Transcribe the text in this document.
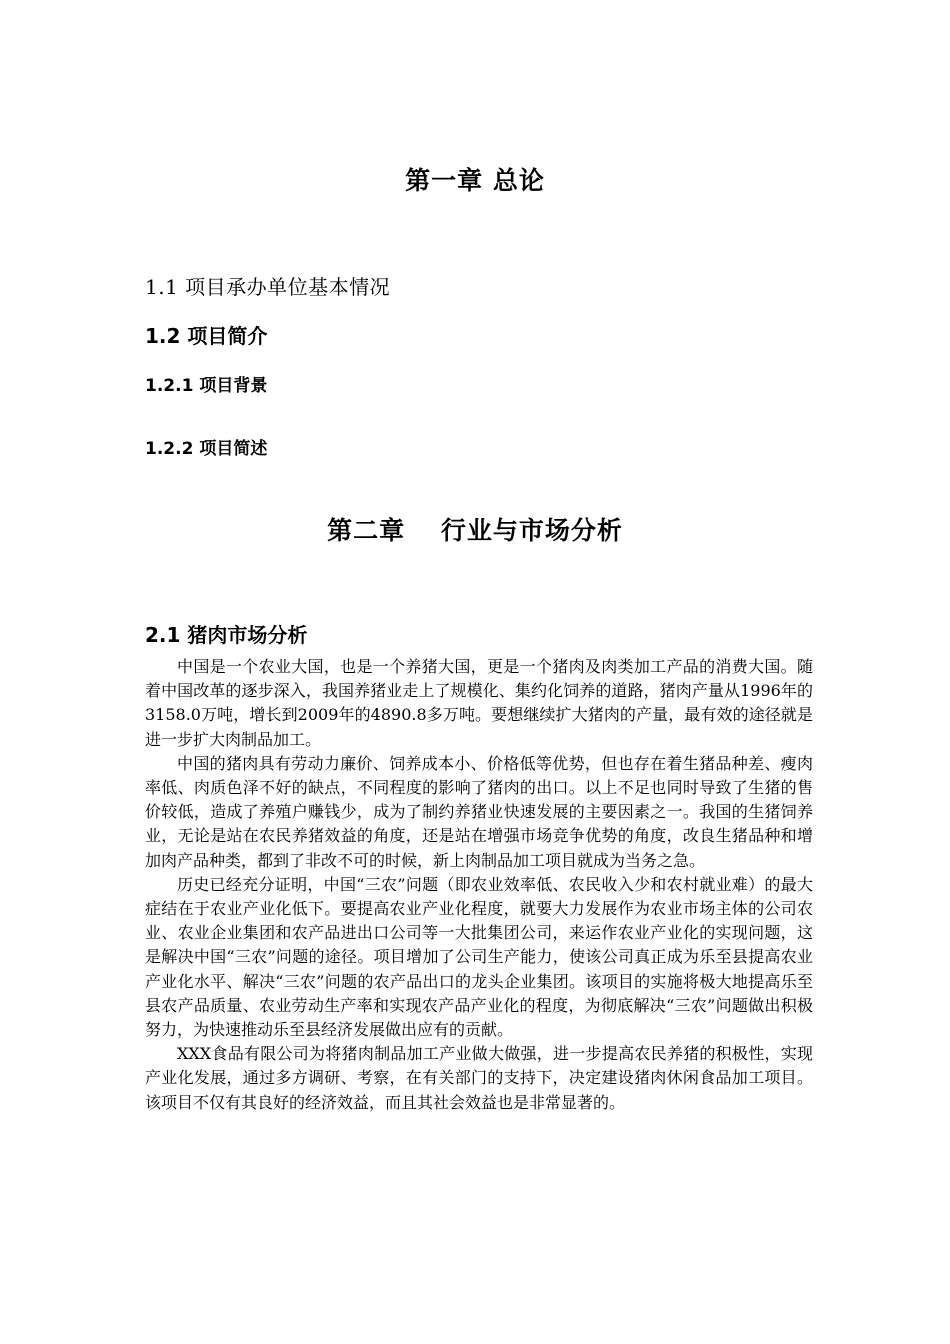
第一章 总论
1.1 项目承办单位基本情况
1.2 项目简介
1.2.1 项目背景
1.2.2 项目简述
第二章　 行业与市场分析
2.1 猪肉市场分析

中国是一个农业大国，也是一个养猪大国，更是一个猪肉及肉类加工产品的消费大国。随着中国改革的逐步深入，我国养猪业走上了规模化、集约化饲养的道路，猪肉产量从1996年的3158.0万吨，增长到2009年的4890.8多万吨。要想继续扩大猪肉的产量，最有效的途径就是进一步扩大肉制品加工。

中国的猪肉具有劳动力廉价、饲养成本小、价格低等优势，但也存在着生猪品种差、瘦肉率低、肉质色泽不好的缺点，不同程度的影响了猪肉的出口。以上不足也同时导致了生猪的售价较低，造成了养殖户赚钱少，成为了制约养猪业快速发展的主要因素之一。我国的生猪饲养业，无论是站在农民养猪效益的角度，还是站在增强市场竞争优势的角度，改良生猪品种和增加肉产品种类，都到了非改不可的时候，新上肉制品加工项目就成为当务之急。

历史已经充分证明，中国“三农”问题（即农业效率低、农民收入少和农村就业难）的最大症结在于农业产业化低下。要提高农业产业化程度，就要大力发展作为农业市场主体的公司农业、农业企业集团和农产品进出口公司等一大批集团公司，来运作农业产业化的实现问题，这是解决中国“三农”问题的途径。项目增加了公司生产能力，使该公司真正成为乐至县提高农业产业化水平、解决“三农”问题的农产品出口的龙头企业集团。该项目的实施将极大地提高乐至县农产品质量、农业劳动生产率和实现农产品产业化的程度，为彻底解决“三农”问题做出积极努力，为快速推动乐至县经济发展做出应有的贡献。

XXX食品有限公司为将猪肉制品加工产业做大做强，进一步提高农民养猪的积极性，实现产业化发展，通过多方调研、考察，在有关部门的支持下，决定建设猪肉休闲食品加工项目。该项目不仅有其良好的经济效益，而且其社会效益也是非常显著的。
